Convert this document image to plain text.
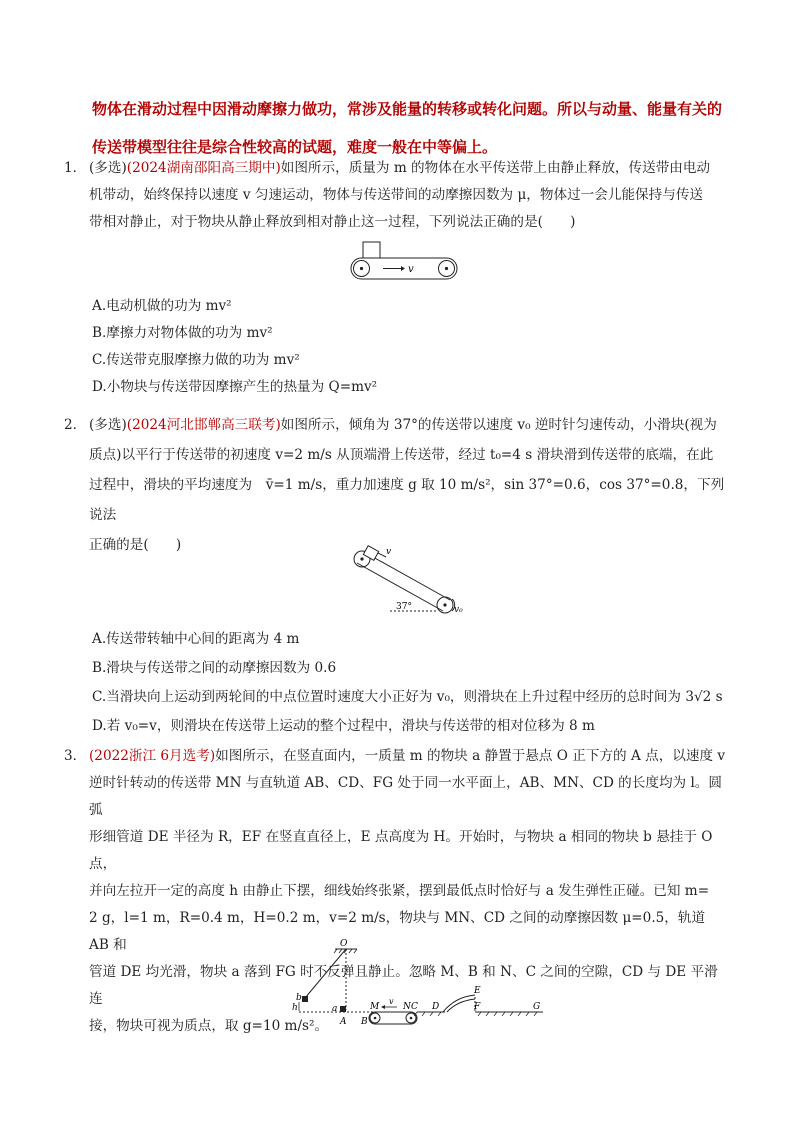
物体在滑动过程中因滑动摩擦力做功，常涉及能量的转移或转化问题。所以与动量、能量有关的传送带模型往往是综合性较高的试题，难度一般在中等偏上。
1． (多选)(2024湖南邵阳高三期中)如图所示，质量为 m 的物体在水平传送带上由静止释放，传送带由电动
机带动，始终保持以速度 v 匀速运动，物体与传送带间的动摩擦因数为 μ，物体过一会儿能保持与传送
带相对静止，对于物块从静止释放到相对静止这一过程，下列说法正确的是(　　)
v
A.电动机做的功为 mv²
B.摩擦力对物体做的功为 mv²
C.传送带克服摩擦力做的功为 mv²
D.小物块与传送带因摩擦产生的热量为 Q=mv²
2． (多选)(2024河北邯郸高三联考)如图所示，倾角为 37°的传送带以速度 v₀ 逆时针匀速传动，小滑块(视为
质点)以平行于传送带的初速度 v=2 m/s 从顶端滑上传送带，经过 t₀=4 s 滑块滑到传送带的底端，在此
过程中，滑块的平均速度为　v̄=1 m/s，重力加速度 g 取 10 m/s²，sin 37°=0.6，cos 37°=0.8，下列说法
正确的是(　　)	v
37°	v₀
A.传送带转轴中心间的距离为 4 m
B.滑块与传送带之间的动摩擦因数为 0.6
C.当滑块向上运动到两轮间的中点位置时速度大小正好为 v₀，则滑块在上升过程中经历的总时间为 3√2 s
D.若 v₀=v，则滑块在传送带上运动的整个过程中，滑块与传送带的相对位移为 8 m
3． (2022浙江 6月选考)如图所示，在竖直面内，一质量 m 的物块 a 静置于悬点 O 正下方的 A 点，以速度 v
逆时针转动的传送带 MN 与直轨道 AB、CD、FG 处于同一水平面上，AB、MN、CD 的长度均为 l。圆弧
形细管道 DE 半径为 R，EF 在竖直直径上，E 点高度为 H。开始时，与物块 a 相同的物块 b 悬挂于 O 点，
并向左拉开一定的高度 h 由静止下摆，细线始终张紧，摆到最低点时恰好与 a 发生弹性正碰。已知 m=
2 g，l=1 m，R=0.4 m，H=0.2 m，v=2 m/s，物块与 MN、CD 之间的动摩擦因数 μ=0.5，轨道 AB 和
管道 DE 均光滑，物块 a 落到 FG 时不反弹且静止。忽略 M、B 和 N、C 之间的空隙，CD 与 DE 平滑连
接，物块可视为质点，取 g=10 m/s²。
O
b
h	a
A B
M
v
N C D
E
F	G
